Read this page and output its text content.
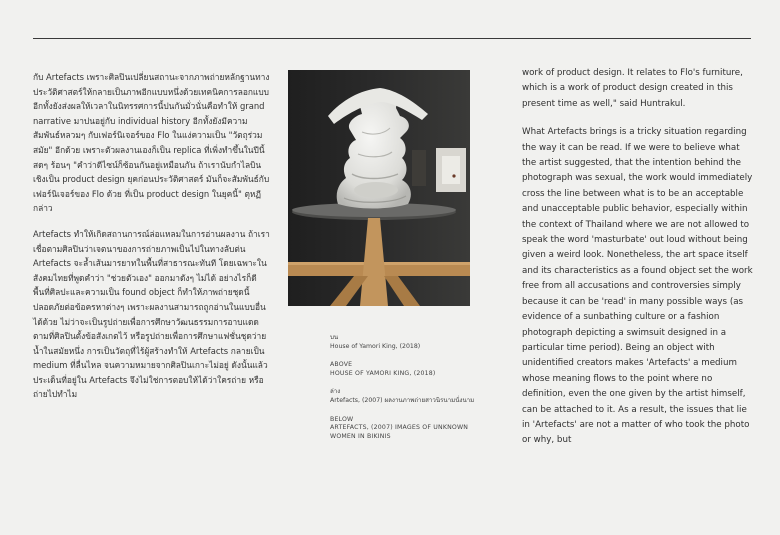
กับ Artefacts เพราะศิลปินเปลี่ยนสถานะจากภาพถ่ายหลักฐานทางประวัติศาสตร์ให้กลายเป็นภาพอีกแบบหนึ่งด้วยเทคนิคการลอกแบบ อีกทั้งยังส่งผลให้เวลาในนิทรรศการนี้ปนกันมั่วนั่นคือทำให้ grand narrative มาปนอยู่กับ individual history อีกทั้งยังมีความสัมพันธ์หลวมๆ กับเฟอร์นิเจอร์ของ Flo ในแง่ความเป็น "วัตถุร่วมสมัย" อีกด้วย เพราะตัวผลงานเองก็เป็น replica ที่เพิ่งทำขึ้นในปีนี้สดๆ ร้อนๆ "คำว่าดีไซน์ก็ซ้อนกันอยู่เหมือนกัน ถ้าเรานับกำไลบินเชิงเป็น product design ยุคก่อนประวัติศาสตร์ มันก็จะสัมพันธ์กับเฟอร์นิเจอร์ของ Flo ด้วย ที่เป็น product design ในยุคนี้" ตุหฏีกล่าว

Artefacts ทำให้เกิดสถานการณ์ล่อแหลมในการอ่านผลงาน ถ้าเราเชื่อตามศิลปินว่าเจตนาของการถ่ายภาพเป็นไปในทางลับต่น Artefacts จะล้ำเส้นมารยาทในพื้นที่สาธารณะทันที โดยเฉพาะในสังคมไทยที่พูดคำว่า "ช่วยตัวเอง" ออกมาดังๆ ไม่ได้ อย่างไรก็ดีพื้นที่ศิลปะและความเป็น found object ก็ทำให้ภาพถ่ายชุดนี้ปลอดภัยต่อข้อครหาต่างๆ เพราะผลงานสามารถถูกอ่านในแบบอื่นได้ด้วย ไม่ว่าจะเป็นรูปถ่ายเพื่อการศึกษาวัฒนธรรมการอาบแดดตามที่ศิลปินตั้งข้อสังเกตไว้ หรือรูปถ่ายเพื่อการศึกษาแฟชั่นชุดว่ายน้ำในสมัยหนึ่ง การเป็นวัตถุที่ไร้ผู้สร้างทำให้ Artefacts กลายเป็น medium ที่ลื่นไหล จนความหมายจากศิลปินเกาะไม่อยู่ ดังนั้นแล้ว ประเด็นที่อยู่ใน Artefacts จึงไม่ใช่การตอบให้ได้ว่าใครถ่าย หรือถ่ายไปทำไม

บน
House of Yamori King, (2018)
ABOVE
HOUSE OF YAMORI KING, (2018)
ล่าง
Artefacts, (2007) ผลงานภาพถ่ายสาวนิรนามนั่งนาม
BELOW
ARTEFACTS, (2007) IMAGES OF UNKNOWN WOMEN IN BIKINIS

work of product design. It relates to Flo's furniture, which is a work of product design created in this present time as well," said Huntrakul.

What Artefacts brings is a tricky situation regarding the way it can be read. If we were to believe what the artist suggested, that the intention behind the photograph was sexual, the work would immediately cross the line between what is to be an acceptable and unacceptable public behavior, especially within the context of Thailand where we are not allowed to speak the word 'masturbate' out loud without being given a weird look. Nonetheless, the art space itself and its characteristics as a found object set the work free from all accusations and controversies simply because it can be 'read' in many possible ways (as evidence of a sunbathing culture or a fashion photograph depicting a swimsuit designed in a particular time period). Being an object with unidentified creators makes 'Artefacts' a medium whose meaning flows to the point where no definition, even the one given by the artist himself, can be attached to it. As a result, the issues that lie in 'Artefacts' are not a matter of who took the photo or why, but
